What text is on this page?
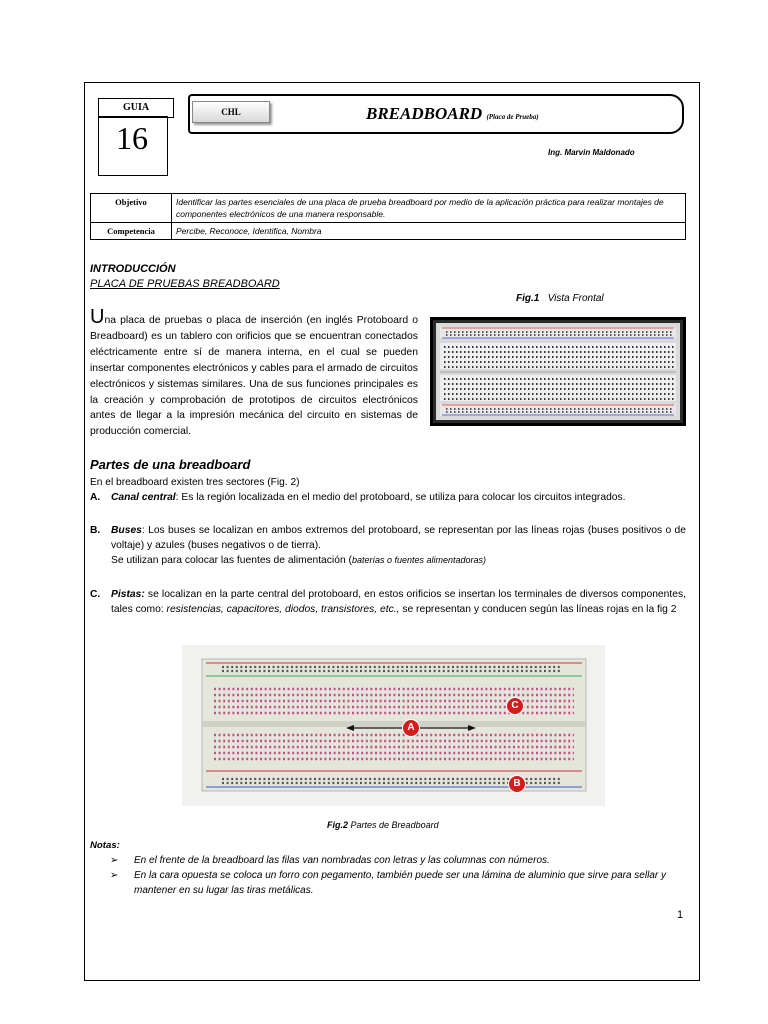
GUIA
16
CHL	BREADBOARD (Placa de Prueba)
Ing. Marvin Maldonado
Objetivo	Identificar las partes esenciales de una placa de prueba breadboard por medio de la aplicación práctica para realizar montajes de componentes electrónicos de una manera responsable.
Competencia	Percibe, Reconoce, Identifica, Nombra
INTRODUCCIÓN
PLACA DE PRUEBAS BREADBOARD
Fig.1 Vista Frontal
Una placa de pruebas o placa de inserción (en inglés Protoboard o Breadboard) es un tablero con orificios que se encuentran conectados eléctricamente entre sí de manera interna, en el cual se pueden insertar componentes electrónicos y cables para el armado de circuitos electrónicos y sistemas similares. Una de sus funciones principales es la creación y comprobación de prototipos de circuitos electrónicos antes de llegar a la impresión mecánica del circuito en sistemas de producción comercial.
Partes de una breadboard
En el breadboard existen tres sectores (Fig. 2)
A. Canal central: Es la región localizada en el medio del protoboard, se utiliza para colocar los circuitos integrados.
B. Buses: Los buses se localizan en ambos extremos del protoboard, se representan por las líneas rojas (buses positivos o de voltaje) y azules (buses negativos o de tierra).
Se utilizan para colocar las fuentes de alimentación (baterías o fuentes alimentadoras)
C. Pistas: se localizan en la parte central del protoboard, en estos orificios se insertan los terminales de diversos componentes, tales como: resistencias, capacitores, diodos, transistores, etc., se representan y conducen según las líneas rojas en la fig 2
A
B
C
Fig.2 Partes de Breadboard
Notas:
➢ En el frente de la breadboard las filas van nombradas con letras y las columnas con números.
➢ En la cara opuesta se coloca un forro con pegamento, también puede ser una lámina de aluminio que sirve para sellar y mantener en su lugar las tiras metálicas.
1
